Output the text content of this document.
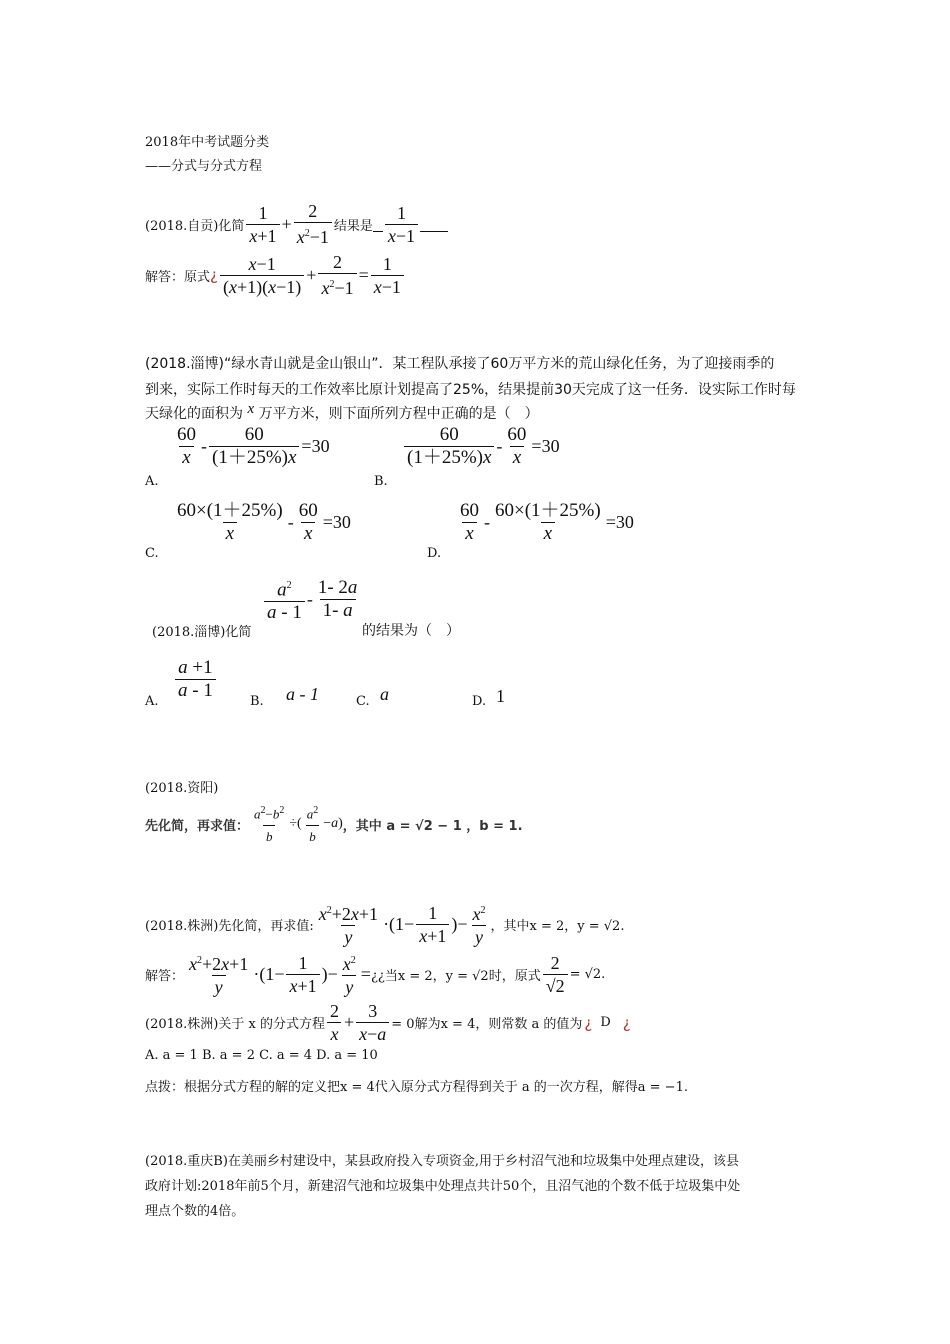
2018年中考试题分类
——分式与分式方程
(2018.自贡)化简 $\frac{1}{x+1} + \frac{2}{x^2-1}$ 结果是 $\frac{1}{x-1}$
解答：原式 ¿ $\frac{x-1}{(x+1)(x-1)} + \frac{2}{x^2-1} = \frac{1}{x-1}$
(2018.淄博)“绿水青山就是金山银山”．某工程队承接了60万平方米的荒山绿化任务，为了迎接雨季的
到来，实际工作时每天的工作效率比原计划提高了25%，结果提前30天完成了这一任务．设实际工作时每
天绿化的面积为 x 万平方米，则下面所列方程中正确的是（　）
$\frac{60}{x} - \frac{60}{(1+25\%)x} =30$
A.
$\frac{60}{(1+25\%)x} - \frac{60}{x} =30$
B.
$\frac{60\times(1+25\%)}{x} - \frac{60}{x} =30$
C.
$\frac{60}{x} - \frac{60\times(1+25\%)}{x} =30$
D.
$\frac{a^2}{a - 1} - \frac{1- 2a}{1- a}$
(2018.淄博)化简	的结果为（　）
$\frac{a +1}{a - 1}$
A.	B. a - 1	C. a	D. 1
(2018.资阳)
先化简，再求值： $\frac{a^2-b^2}{b}$ ÷( $\frac{a^2}{b} -a$) ，其中 a = √2 − 1 ，b = 1.
(2018.株洲)先化简，再求值: $\frac{x^2+2x+1}{y} \cdot(1- \frac{1}{x+1}$ )− $\frac{x^2}{y}$ ，其中x = 2，y = √2.
解答： $\frac{x^2+2x+1}{y} \cdot(1- \frac{1}{x+1}$ )− $\frac{x^2}{y}$ = ¿¿当x = 2，y = √2时，原式 $\frac{2}{√2} = √2$.
(2018.株洲)关于 x 的分式方程 $\frac{2}{x} + \frac{3}{x-a} = 0$解为x = 4，则常数 a 的值为 ¿ D ¿
A. a = 1 B. a = 2 C. a = 4 D. a = 10
点拨：根据分式方程的解的定义把x = 4代入原分式方程得到关于 a 的一次方程，解得a = −1.
(2018.重庆B)在美丽乡村建设中，某县政府投入专项资金,用于乡村沼气池和垃圾集中处理点建设，该县
政府计划:2018年前5个月，新建沼气池和垃圾集中处理点共计50个，且沼气池的个数不低于垃圾集中处
理点个数的4倍。
